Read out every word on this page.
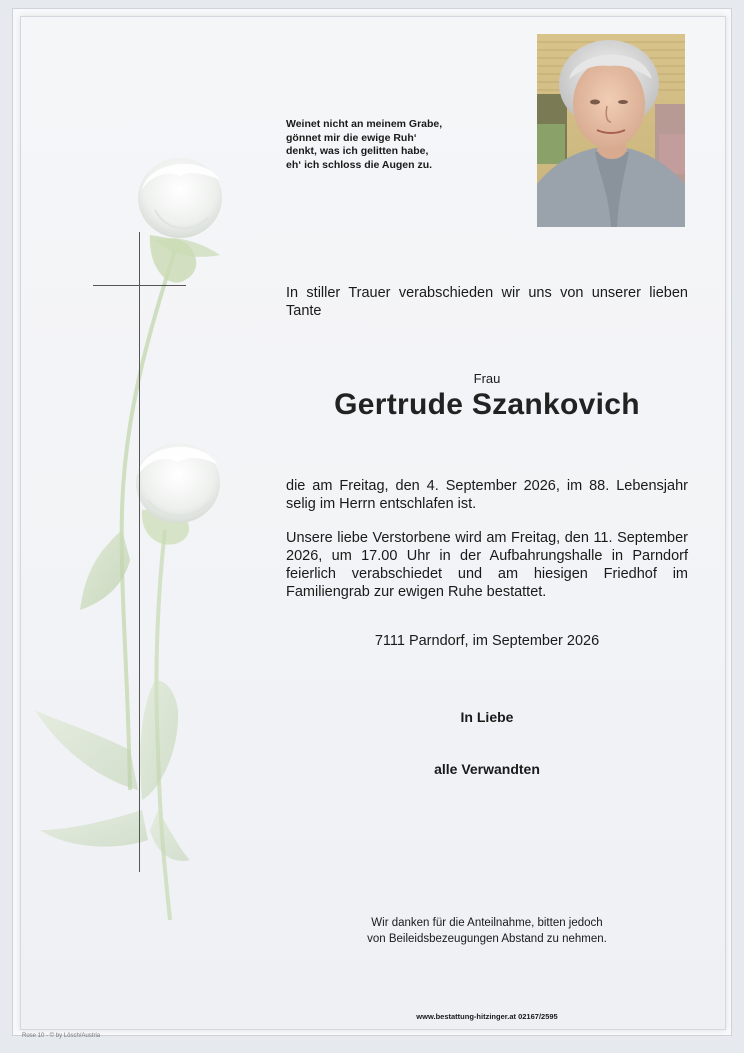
Weinet nicht an meinem Grabe,
gönnet mir die ewige Ruh‘
denkt, was ich gelitten habe,
eh‘ ich schloss die Augen zu.
In stiller Trauer verabschieden wir uns von unserer lieben Tante
Frau
Gertrude Szankovich
die am Freitag, den 4. September 2026, im 88. Lebensjahr selig im Herrn entschlafen ist.
Unsere liebe Verstorbene wird am Freitag, den 11. September 2026, um 17.00 Uhr in der Aufbahrungshalle in Parndorf feierlich verabschiedet und am hiesigen Friedhof im Familiengrab zur ewigen Ruhe bestattet.
7111 Parndorf, im September 2026
In Liebe
alle Verwandten
Wir danken für die Anteilnahme, bitten jedoch
von Beileidsbezeugungen Abstand zu nehmen.
www.bestattung-hitzinger.at 02167/2595
Rose 10 - © by Lösch/Austria
